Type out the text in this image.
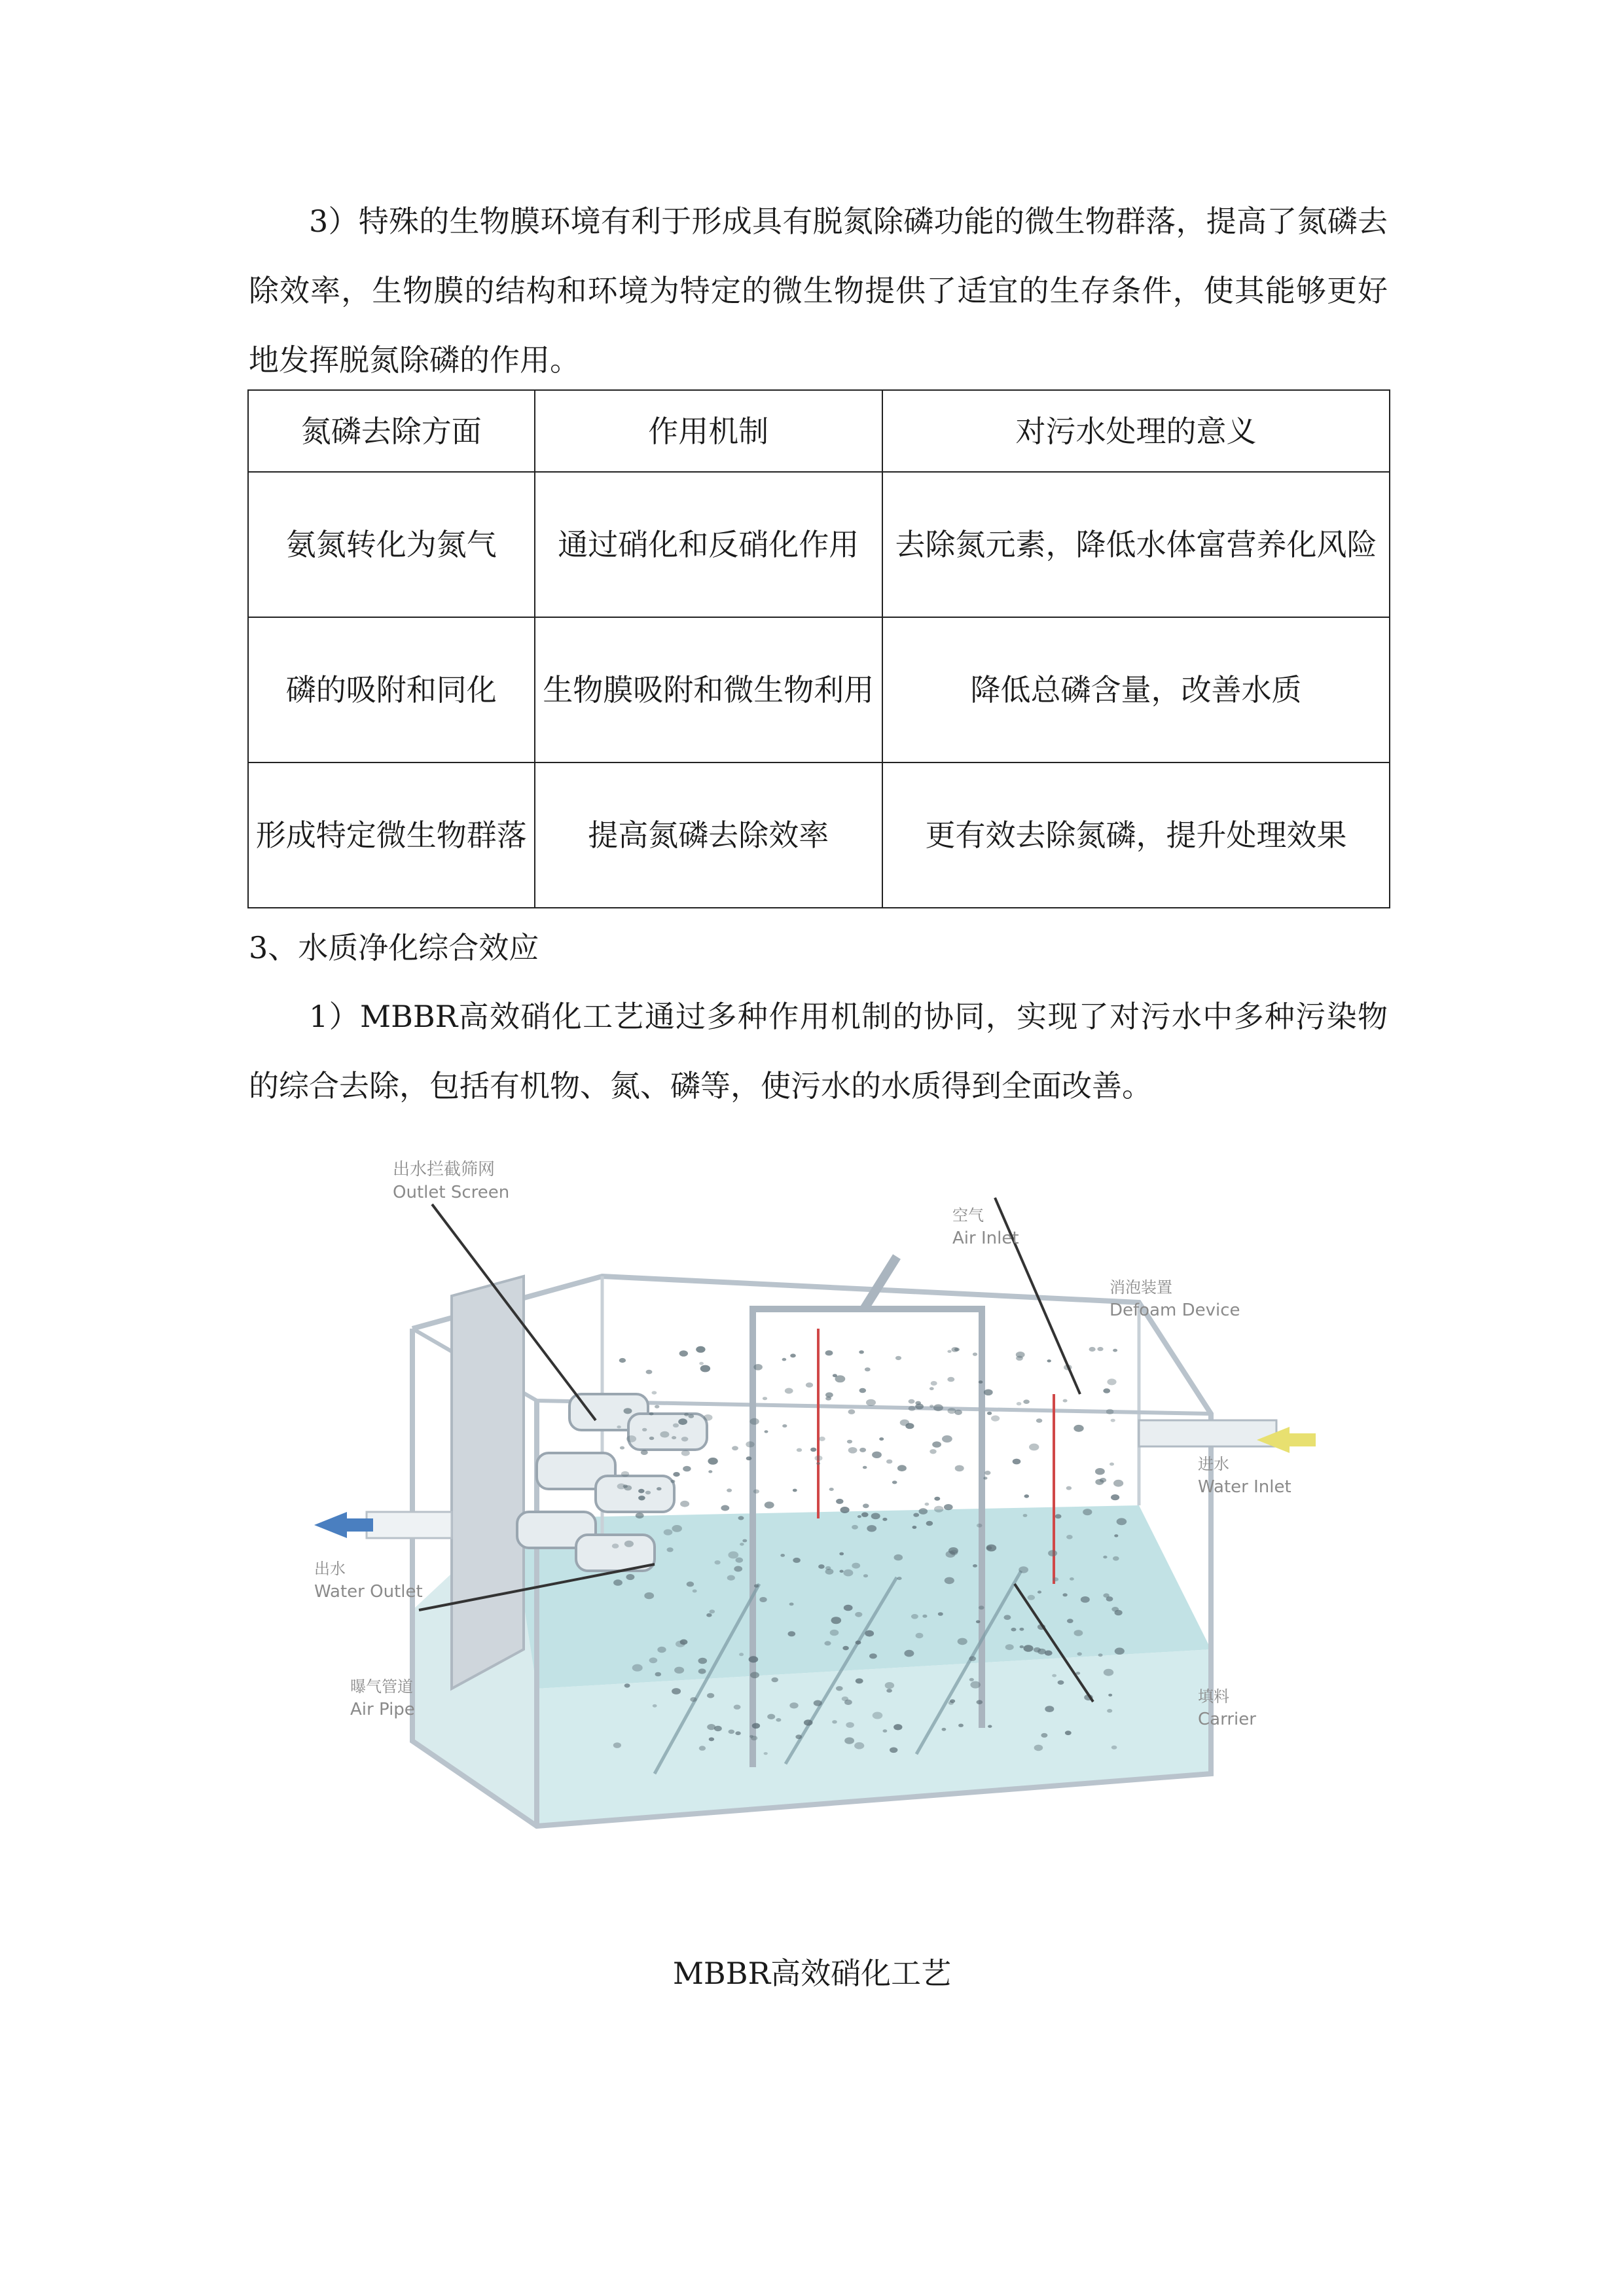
3）特殊的生物膜环境有利于形成具有脱氮除磷功能的微生物群落，提高了氮磷去除效率，生物膜的结构和环境为特定的微生物提供了适宜的生存条件，使其能够更好地发挥脱氮除磷的作用。

氮磷去除方面	作用机制	对污水处理的意义
氨氮转化为氮气	通过硝化和反硝化作用	去除氮元素，降低水体富营养化风险
磷的吸附和同化	生物膜吸附和微生物利用	降低总磷含量，改善水质
形成特定微生物群落	提高氮磷去除效率	更有效去除氮磷，提升处理效果

3、水质净化综合效应

1）MBBR高效硝化工艺通过多种作用机制的协同，实现了对污水中多种污染物的综合去除，包括有机物、氮、磷等，使污水的水质得到全面改善。

出水拦截筛网
Outlet Screen
空气
Air Inlet
消泡装置
Defoam Device
进水
Water Inlet
出水
Water Outlet
曝气管道
Air Pipe
填料
Carrier
MBBR高效硝化工艺
